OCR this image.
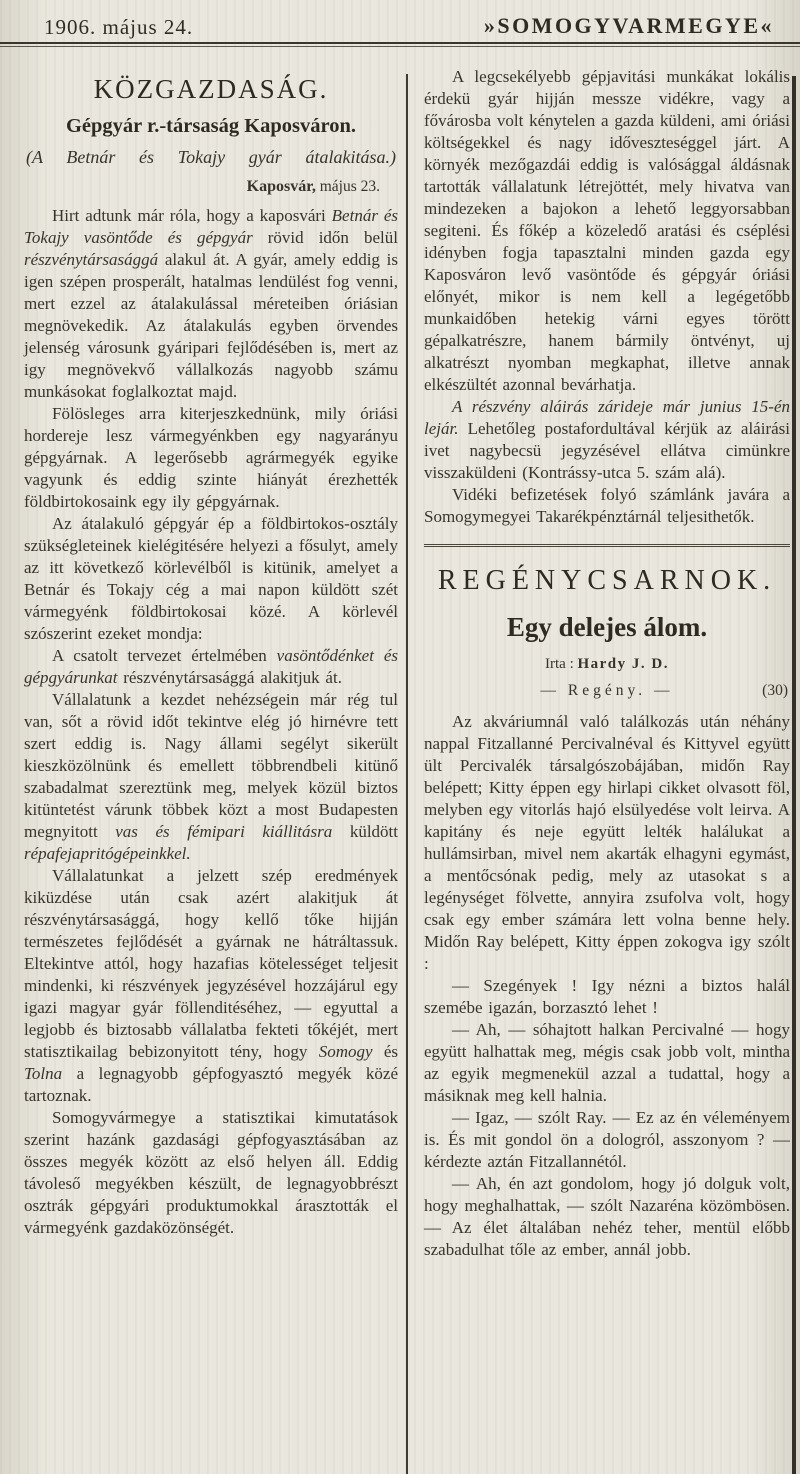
1906. május 24.	»SOMOGYVARMEGYE«
KÖZGAZDASÁG.
Gépgyár r.-társaság Kaposváron.
(A Betnár és Tokajy gyár átalakitása.)
Kaposvár, május 23.

Hirt adtunk már róla, hogy a kaposvári Betnár és Tokajy vasöntőde és gépgyár rövid időn belül részvénytársasággá alakul át. A gyár, amely eddig is igen szépen prosperált, hatalmas lendülést fog venni, mert ezzel az átalakulással méreteiben óriásian megnövekedik. Az átalakulás egyben örvendes jelenség városunk gyáripari fejlődésében is, mert az igy megnövekvő vállalkozás nagyobb számu munkásokat foglalkoztat majd.

Fölösleges arra kiterjeszkednünk, mily óriási hordereje lesz vármegyénkben egy nagyarányu gépgyárnak. A legerősebb agrármegyék egyike vagyunk és eddig szinte hiányát érezhették földbirtokosaink egy ily gépgyárnak.

Az átalakuló gépgyár ép a földbirtokos-osztály szükségleteinek kielégitésére helyezi a fősulyt, amely az itt következő körlevélből is kitünik, amelyet a Betnár és Tokajy cég a mai napon küldött szét vármegyénk földbirtokosai közé. A körlevél szószerint ezeket mondja:

A csatolt tervezet értelmében vasöntődénket és gépgyárunkat részvénytársasággá alakitjuk át.

Vállalatunk a kezdet nehézségein már rég tul van, sőt a rövid időt tekintve elég jó hirnévre tett szert eddig is. Nagy állami segélyt sikerült kieszközölnünk és emellett többrendbeli kitünő szabadalmat szereztünk meg, melyek közül biztos kitüntetést várunk többek közt a most Budapesten megnyitott vas és fémipari kiállitásra küldött répafejapritógépeinkkel.

Vállalatunkat a jelzett szép eredmények kiküzdése után csak azért alakitjuk át részvénytársasággá, hogy kellő tőke hijján természetes fejlődését a gyárnak ne hátráltassuk. Eltekintve attól, hogy hazafias kötelességet teljesit mindenki, ki részvények jegyzésével hozzájárul egy igazi magyar gyár föllenditéséhez, — egyuttal a legjobb és biztosabb vállalatba fekteti tőkéjét, mert statisztikailag bebizonyitott tény, hogy Somogy és Tolna a legnagyobb gépfogyasztó megyék közé tartoznak.

Somogyvármegye a statisztikai kimutatások szerint hazánk gazdasági gépfogyasztásában az összes megyék között az első helyen áll. Eddig távoleső megyékben készült, de legnagyobbrészt osztrák gépgyári produktumokkal árasztották el vármegyénk gazdaközönségét.

A legcsekélyebb gépjavitási munkákat lokális érdekü gyár hijján messze vidékre, vagy a fővárosba volt kénytelen a gazda küldeni, ami óriási költségekkel és nagy időveszteséggel járt. A környék mezőgazdái eddig is valósággal áldásnak tartották vállalatunk létrejöttét, mely hivatva van mindezeken a bajokon a lehető leggyorsabban segiteni. És főkép a közeledő aratási és cséplési idényben fogja tapasztalni minden gazda egy Kaposváron levő vasöntőde és gépgyár óriási előnyét, mikor is nem kell a legégetőbb munkaidőben hetekig várni egyes törött gépalkatrészre, hanem bármily öntvényt, uj alkatrészt nyomban megkaphat, illetve annak elkészültét azonnal bevárhatja.

A részvény aláirás zárideje már junius 15-én lejár. Lehetőleg postafordultával kérjük az aláirási ivet nagybecsü jegyzésével ellátva cimünkre visszaküldeni (Kontrássy-utca 5. szám alá).

Vidéki befizetések folyó számlánk javára a Somogymegyei Takarékpénztárnál teljesithetők.

REGÉNYCSARNOK.
Egy delejes álom.
Irta : Hardy J. D.
— Regény. —	(30)

Az akváriumnál való találkozás után néhány nappal Fitzallanné Percivalnéval és Kittyvel együtt ült Percivalék társalgószobájában, midőn Ray belépett; Kitty éppen egy hirlapi cikket olvasott föl, melyben egy vitorlás hajó elsülyedése volt leirva. A kapitány és neje együtt lelték halálukat a hullámsirban, mivel nem akarták elhagyni egymást, a mentőcsónak pedig, mely az utasokat s a legénységet fölvette, annyira zsufolva volt, hogy csak egy ember számára lett volna benne hely. Midőn Ray belépett, Kitty éppen zokogva igy szólt :

— Szegények ! Igy nézni a biztos halál szemébe igazán, borzasztó lehet !

— Ah, — sóhajtott halkan Percivalné — hogy együtt halhattak meg, mégis csak jobb volt, mintha az egyik megmenekül azzal a tudattal, hogy a másiknak meg kell halnia.

— Igaz, — szólt Ray. — Ez az én véleményem is. És mit gondol ön a dologról, asszonyom ? — kérdezte aztán Fitzallannétól.

— Ah, én azt gondolom, hogy jó dolguk volt, hogy meghalhattak, — szólt Nazaréna közömbösen. — Az élet általában nehéz teher, mentül előbb szabadulhat tőle az ember, annál jobb.
